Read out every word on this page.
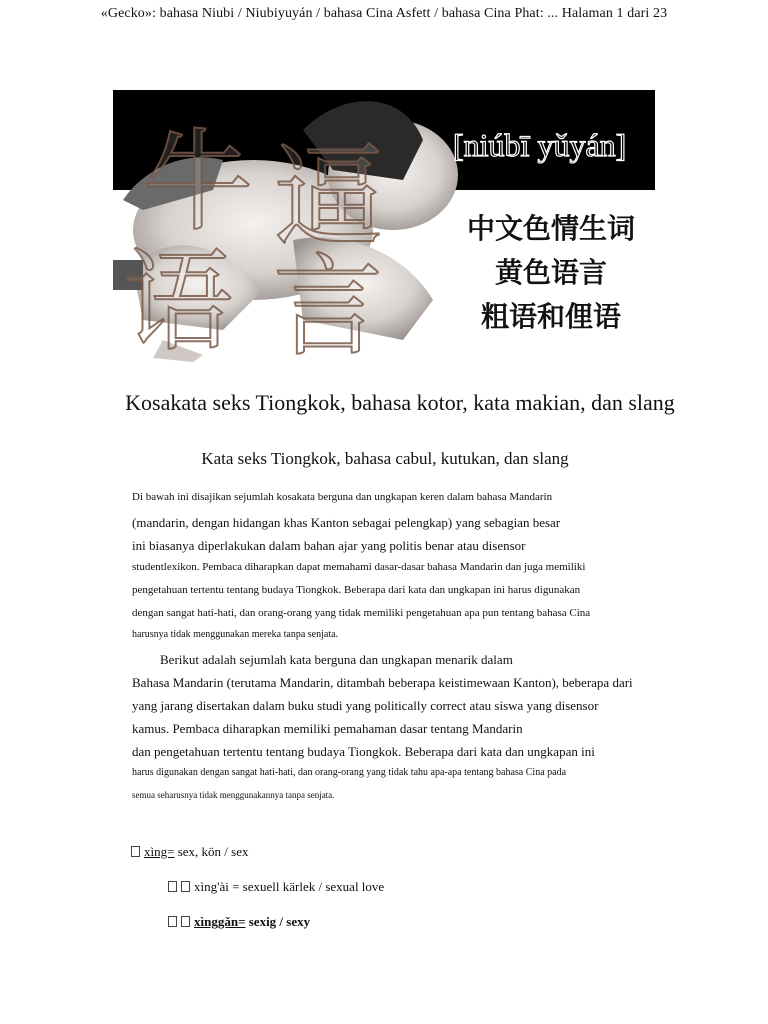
«Gecko»: bahasa Niubi / Niubiyuyán / bahasa Cina Asfett / bahasa Cina Phat: ... Halaman 1 dari 23
牛 逼
语 言
[niúbī yǔyán]
中文色情生词
黄色语言
粗语和俚语
Kosakata seks Tiongkok, bahasa kotor, kata makian, dan slang
Kata seks Tiongkok, bahasa cabul, kutukan, dan slang
Di bawah ini disajikan sejumlah kosakata berguna dan ungkapan keren dalam bahasa Mandarin
(mandarin, dengan hidangan khas Kanton sebagai pelengkap) yang sebagian besar
ini biasanya diperlakukan dalam bahan ajar yang politis benar atau disensor
studentlexikon. Pembaca diharapkan dapat memahami dasar-dasar bahasa Mandarin dan juga memiliki
pengetahuan tertentu tentang budaya Tiongkok. Beberapa dari kata dan ungkapan ini harus digunakan
dengan sangat hati-hati, dan orang-orang yang tidak memiliki pengetahuan apa pun tentang bahasa Cina
harusnya tidak menggunakan mereka tanpa senjata.
Berikut adalah sejumlah kata berguna dan ungkapan menarik dalam
Bahasa Mandarin (terutama Mandarin, ditambah beberapa keistimewaan Kanton), beberapa dari
yang jarang disertakan dalam buku studi yang politically correct atau siswa yang disensor
kamus. Pembaca diharapkan memiliki pemahaman dasar tentang Mandarin
dan pengetahuan tertentu tentang budaya Tiongkok. Beberapa dari kata dan ungkapan ini
harus digunakan dengan sangat hati-hati, dan orang-orang yang tidak tahu apa-apa tentang bahasa Cina pada
semua seharusnya tidak menggunakannya tanpa senjata.
xìng= sex, kön / sex
xìng'ài = sexuell kärlek / sexual love
xìnggǎn= sexig / sexy
